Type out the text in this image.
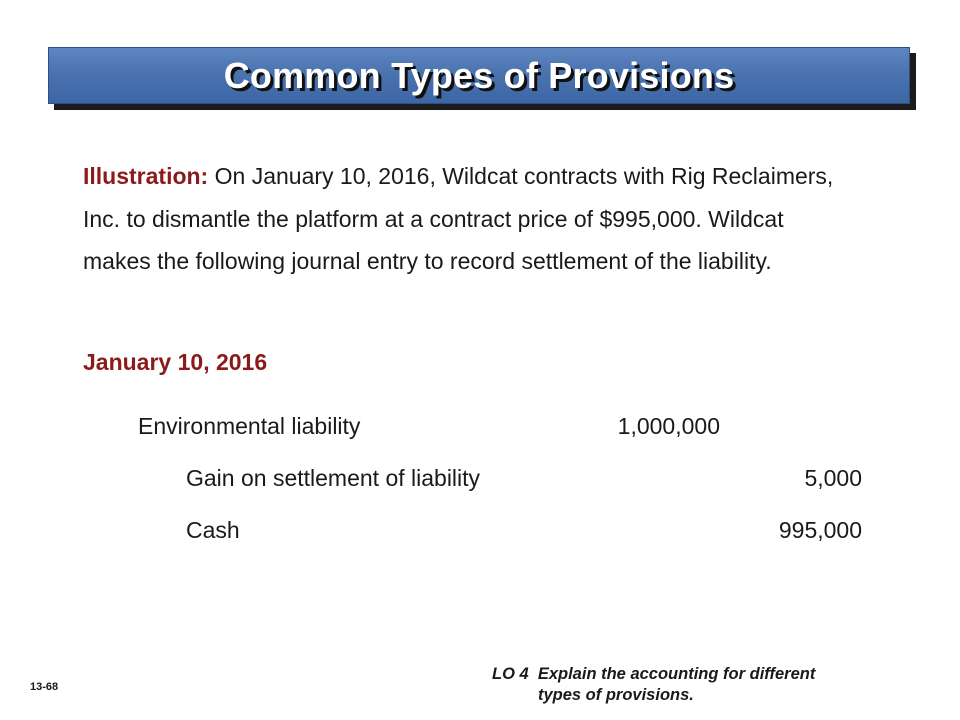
Common Types of Provisions
Illustration: On January 10, 2016, Wildcat contracts with Rig Reclaimers, Inc. to dismantle the platform at a contract price of $995,000. Wildcat makes the following journal entry to record settlement of the liability.
January 10, 2016
Environmental liability	1,000,000
Gain on settlement of liability	5,000
Cash	995,000
LO 4  Explain the accounting for different
types of provisions.
13-68
